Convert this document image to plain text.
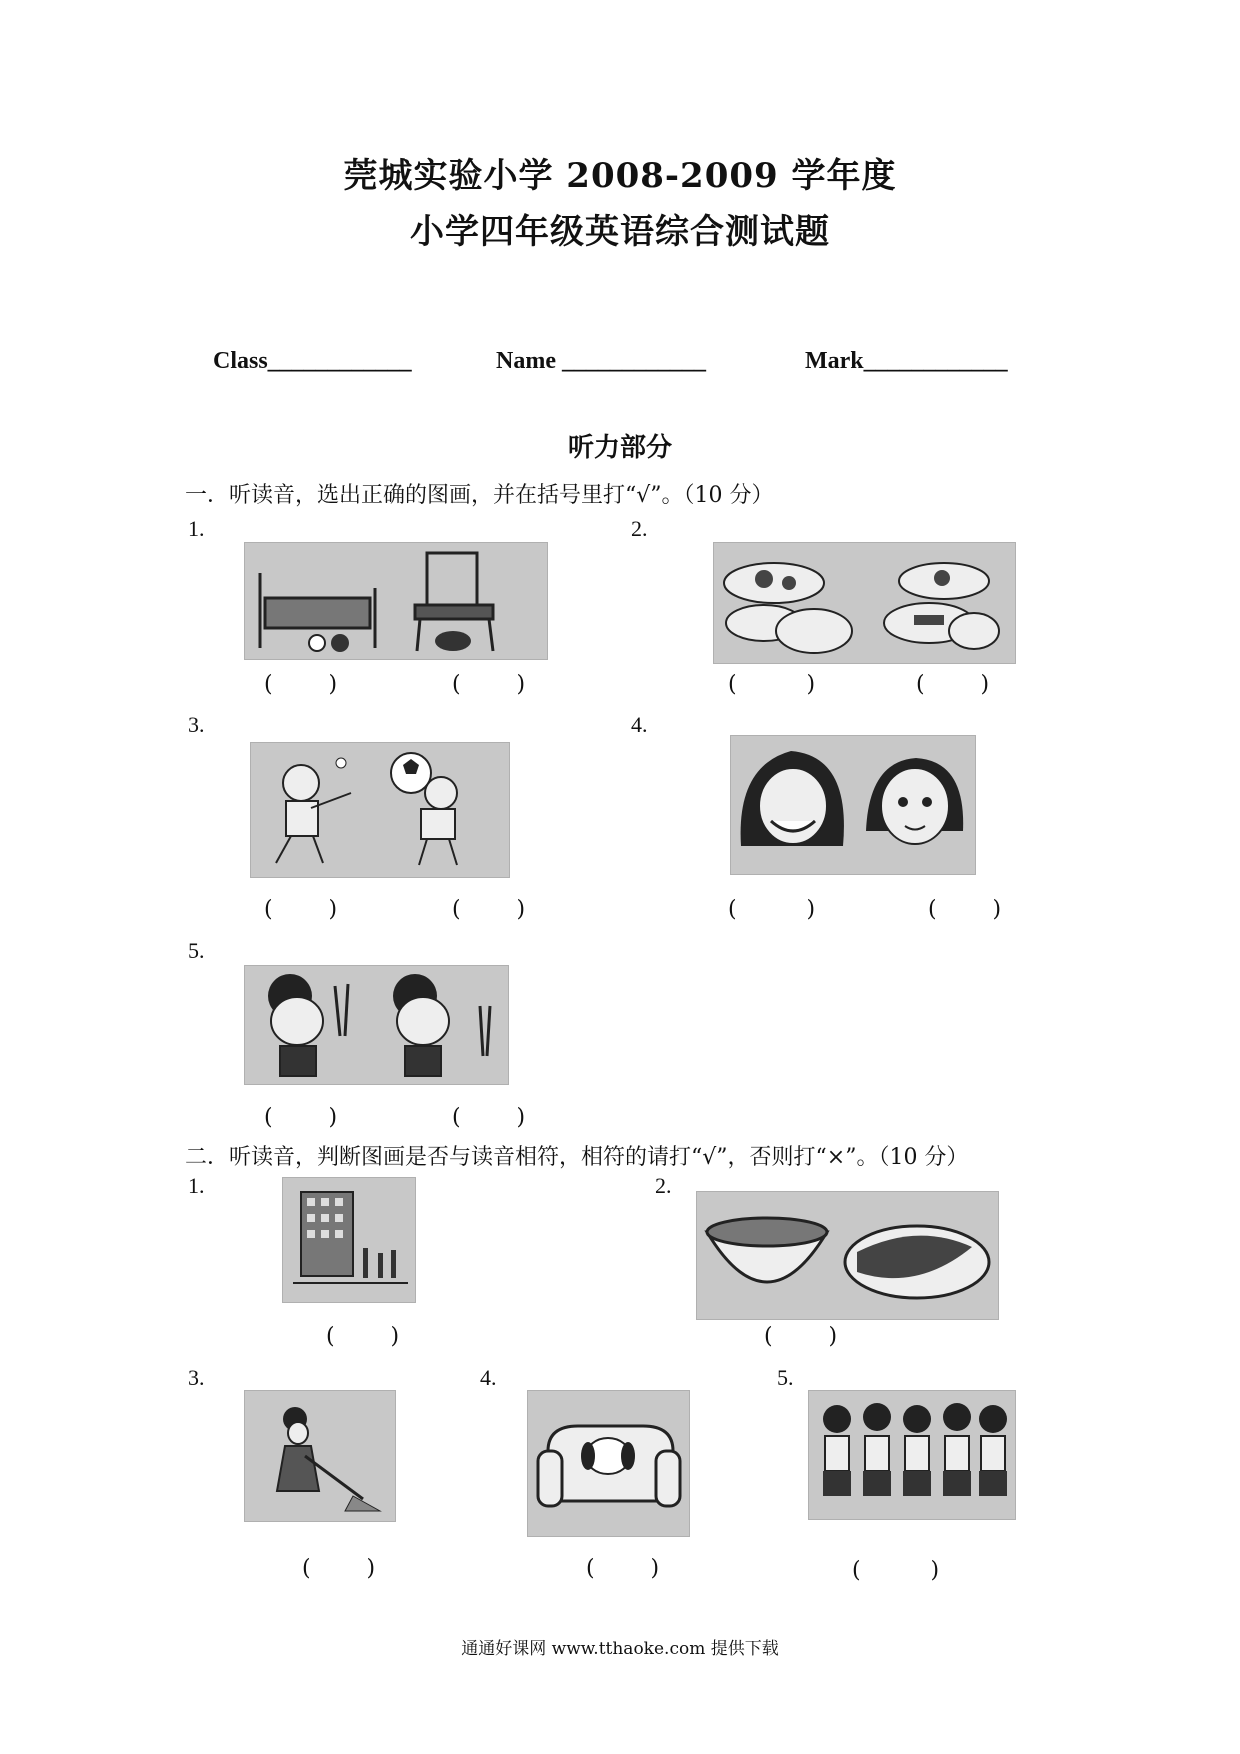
莞城实验小学 2008-2009 学年度
小学四年级英语综合测试题
Class____________	Name ____________	Mark____________
听力部分
一．听读音，选出正确的图画，并在括号里打“√”。（10 分）
1.
(        )	(        )
2.
(          )	(        )
3.
(        )	(        )
4.
(          )	(        )
5.
(        )	(        )
二．听读音，判断图画是否与读音相符，相符的请打“√”，否则打“×”。（10 分）
1.
(        )
2.
(        )
3.
(        )
4.
(        )
5.
(          )
通通好课网 www.tthaoke.com 提供下载
